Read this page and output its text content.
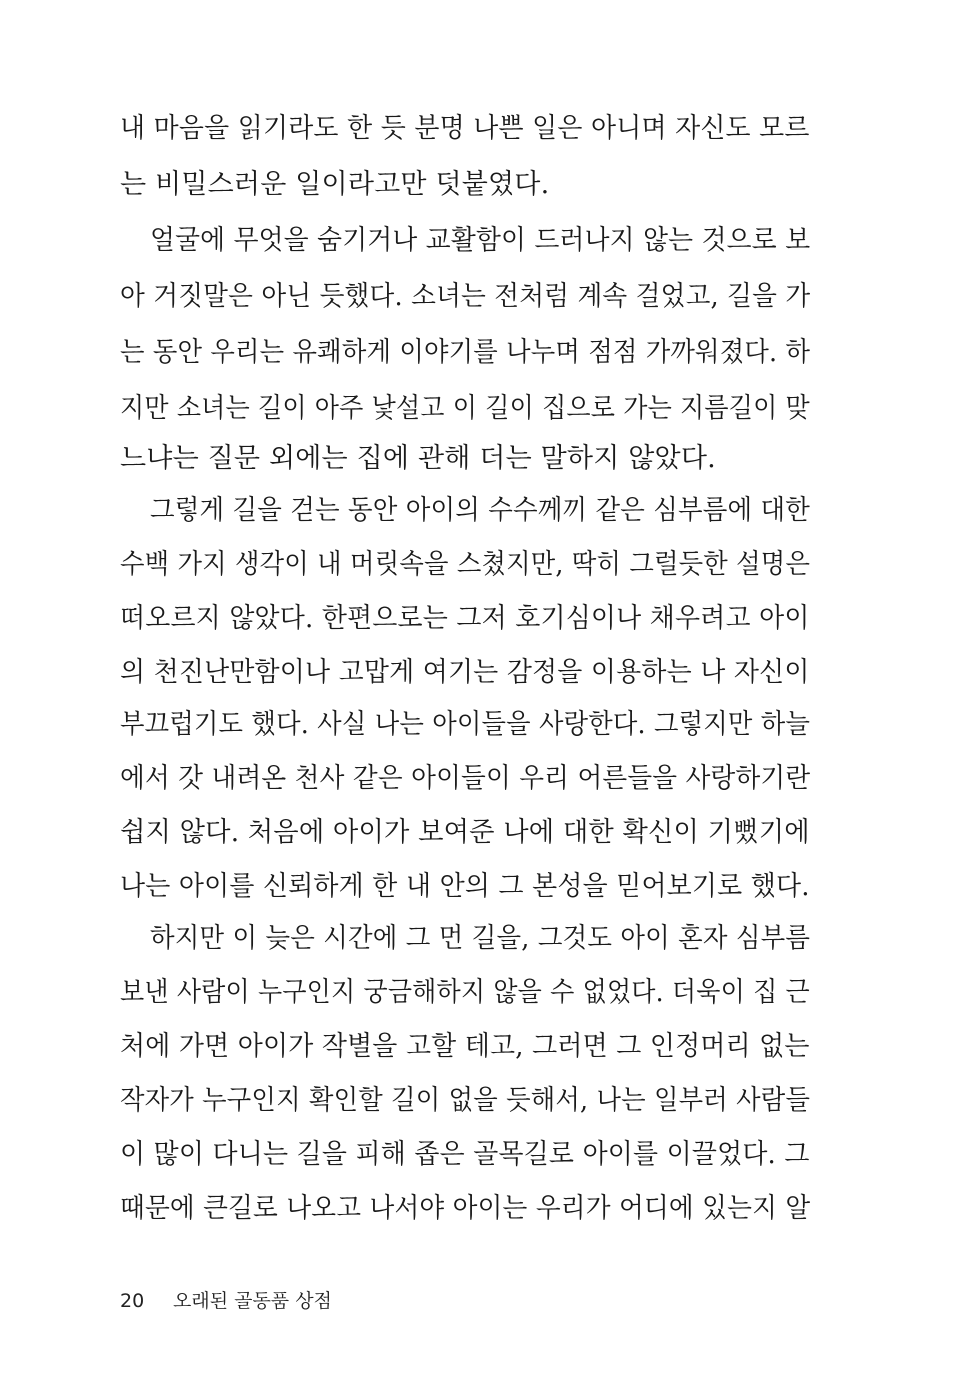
내 마음을 읽기라도 한 듯 분명 나쁜 일은 아니며 자신도 모르
는 비밀스러운 일이라고만 덧붙였다.
얼굴에 무엇을 숨기거나 교활함이 드러나지 않는 것으로 보
아 거짓말은 아닌 듯했다. 소녀는 전처럼 계속 걸었고, 길을 가
는 동안 우리는 유쾌하게 이야기를 나누며 점점 가까워졌다. 하
지만 소녀는 길이 아주 낯설고 이 길이 집으로 가는 지름길이 맞
느냐는 질문 외에는 집에 관해 더는 말하지 않았다.
그렇게 길을 걷는 동안 아이의 수수께끼 같은 심부름에 대한
수백 가지 생각이 내 머릿속을 스쳤지만, 딱히 그럴듯한 설명은
떠오르지 않았다. 한편으로는 그저 호기심이나 채우려고 아이
의 천진난만함이나 고맙게 여기는 감정을 이용하는 나 자신이
부끄럽기도 했다. 사실 나는 아이들을 사랑한다. 그렇지만 하늘
에서 갓 내려온 천사 같은 아이들이 우리 어른들을 사랑하기란
쉽지 않다. 처음에 아이가 보여준 나에 대한 확신이 기뻤기에
나는 아이를 신뢰하게 한 내 안의 그 본성을 믿어보기로 했다.
하지만 이 늦은 시간에 그 먼 길을, 그것도 아이 혼자 심부름
보낸 사람이 누구인지 궁금해하지 않을 수 없었다. 더욱이 집 근
처에 가면 아이가 작별을 고할 테고, 그러면 그 인정머리 없는
작자가 누구인지 확인할 길이 없을 듯해서, 나는 일부러 사람들
이 많이 다니는 길을 피해 좁은 골목길로 아이를 이끌었다. 그
때문에 큰길로 나오고 나서야 아이는 우리가 어디에 있는지 알
20 오래된 골동품 상점
